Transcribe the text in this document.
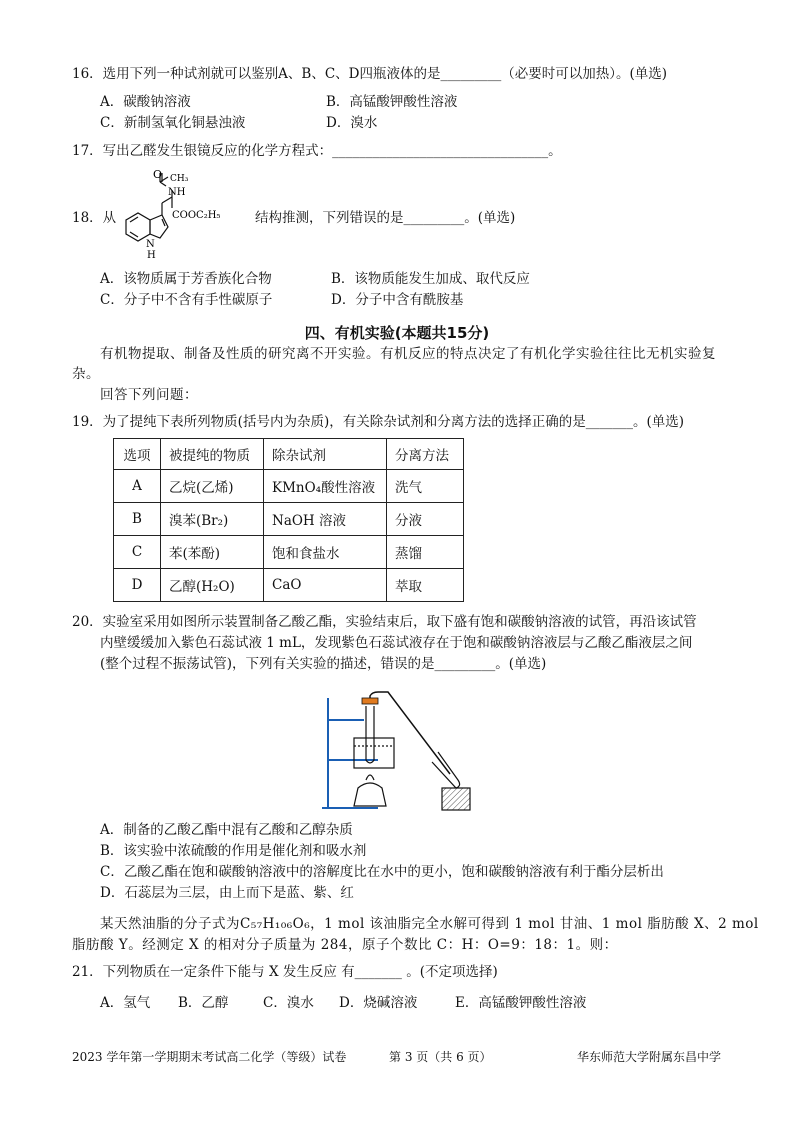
16．选用下列一种试剂就可以鉴别A、B、C、D四瓶液体的是_________（必要时可以加热）。(单选)
A．碳酸钠溶液	B．高锰酸钾酸性溶液
C．新制氢氧化铜悬浊液	D．溴水
17．写出乙醛发生银镜反应的化学方程式：________________________________。
18．从
O CH₃
NH
COOC₂H₅
N
H
结构推测，下列错误的是_________。(单选)
A．该物质属于芳香族化合物	B．该物质能发生加成、取代反应
C．分子中不含有手性碳原子	D．分子中含有酰胺基
四、有机实验(本题共15分)
有机物提取、制备及性质的研究离不开实验。有机反应的特点决定了有机化学实验往往比无机实验复
杂。
回答下列问题：
19．为了提纯下表所列物质(括号内为杂质)，有关除杂试剂和分离方法的选择正确的是_______。(单选)
选项	被提纯的物质	除杂试剂	分离方法
A	乙烷(乙烯)	KMnO₄酸性溶液	洗气
B	溴苯(Br₂)	NaOH 溶液	分液
C	苯(苯酚)	饱和食盐水	蒸馏
D	乙醇(H₂O)	CaO	萃取
20．实验室采用如图所示装置制备乙酸乙酯，实验结束后，取下盛有饱和碳酸钠溶液的试管，再沿该试管
内壁缓缓加入紫色石蕊试液 1 mL，发现紫色石蕊试液存在于饱和碳酸钠溶液层与乙酸乙酯液层之间
(整个过程不振荡试管)，下列有关实验的描述，错误的是_________。(单选)
A．制备的乙酸乙酯中混有乙酸和乙醇杂质
B．该实验中浓硫酸的作用是催化剂和吸水剂
C．乙酸乙酯在饱和碳酸钠溶液中的溶解度比在水中的更小，饱和碳酸钠溶液有利于酯分层析出
D．石蕊层为三层，由上而下是蓝、紫、红
某天然油脂的分子式为C₅₇H₁₀₆O₆，1 mol 该油脂完全水解可得到 1 mol 甘油、1 mol 脂肪酸 X、2 mol
脂肪酸 Y。经测定 X 的相对分子质量为 284，原子个数比 C：H：O=9：18：1。则：
21．下列物质在一定条件下能与 X 发生反应 有_______ 。(不定项选择)
A．氢气 B．乙醇	C．溴水 D．烧碱溶液	E．高锰酸钾酸性溶液
2023 学年第一学期期末考试高二化学（等级）试卷	第 3 页（共 6 页）	华东师范大学附属东昌中学
